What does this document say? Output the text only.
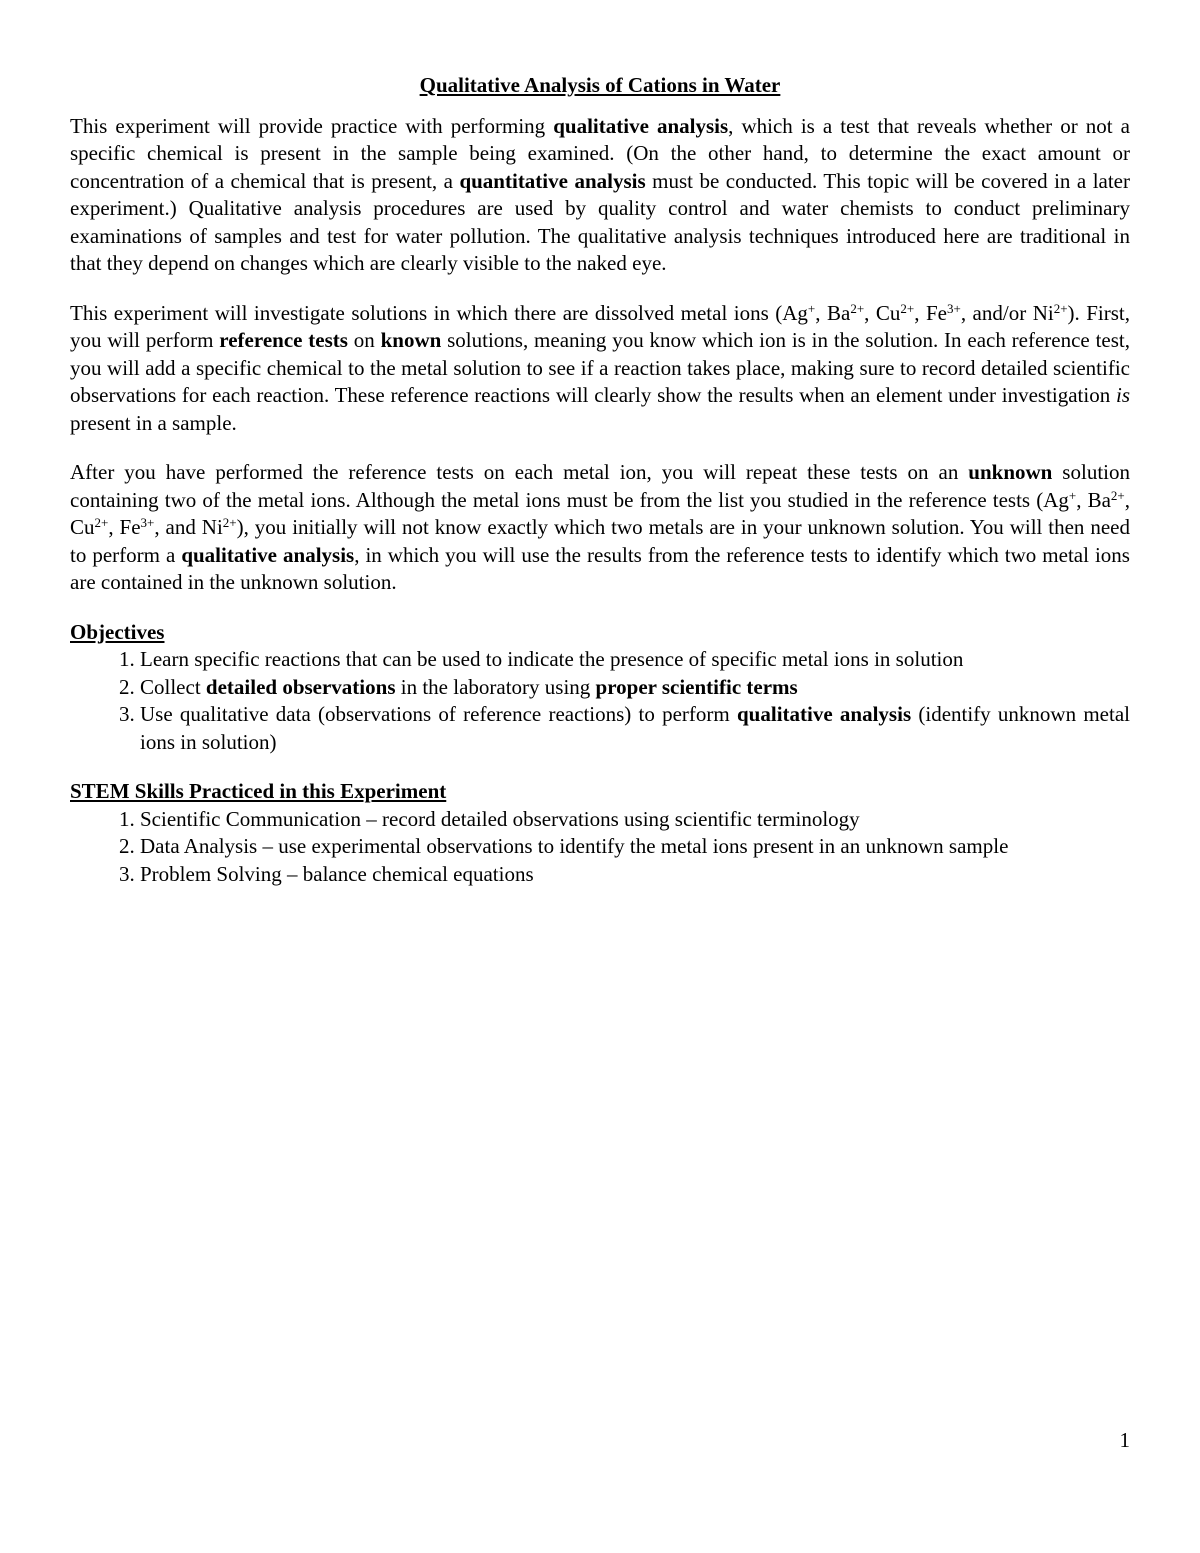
Qualitative Analysis of Cations in Water

This experiment will provide practice with performing qualitative analysis, which is a test that reveals whether or not a specific chemical is present in the sample being examined. (On the other hand, to determine the exact amount or concentration of a chemical that is present, a quantitative analysis must be conducted. This topic will be covered in a later experiment.) Qualitative analysis procedures are used by quality control and water chemists to conduct preliminary examinations of samples and test for water pollution. The qualitative analysis techniques introduced here are traditional in that they depend on changes which are clearly visible to the naked eye.

This experiment will investigate solutions in which there are dissolved metal ions (Ag+, $Ba^{2+}$, $Cu^{2+}$, $Fe^{3+}$, and/or $Ni^{2+}$). First, you will perform reference tests on known solutions, meaning you know which ion is in the solution. In each reference test, you will add a specific chemical to the metal solution to see if a reaction takes place, making sure to record detailed scientific observations for each reaction. These reference reactions will clearly show the results when an element under investigation is present in a sample.

After you have performed the reference tests on each metal ion, you will repeat these tests on an unknown solution containing two of the metal ions. Although the metal ions must be from the list you studied in the reference tests (Ag+, $Ba^{2+}$, $Cu^{2+}$, $Fe^{3+}$, and $Ni^{2+}$), you initially will not know exactly which two metals are in your unknown solution. You will then need to perform a qualitative analysis, in which you will use the results from the reference tests to identify which two metal ions are contained in the unknown solution.

Objectives
1. Learn specific reactions that can be used to indicate the presence of specific metal ions in solution
2. Collect detailed observations in the laboratory using proper scientific terms
3. Use qualitative data (observations of reference reactions) to perform qualitative analysis (identify unknown metal ions in solution)
STEM Skills Practiced in this Experiment
1. Scientific Communication – record detailed observations using scientific terminology
2. Data Analysis – use experimental observations to identify the metal ions present in an unknown sample
3. Problem Solving – balance chemical equations
1
